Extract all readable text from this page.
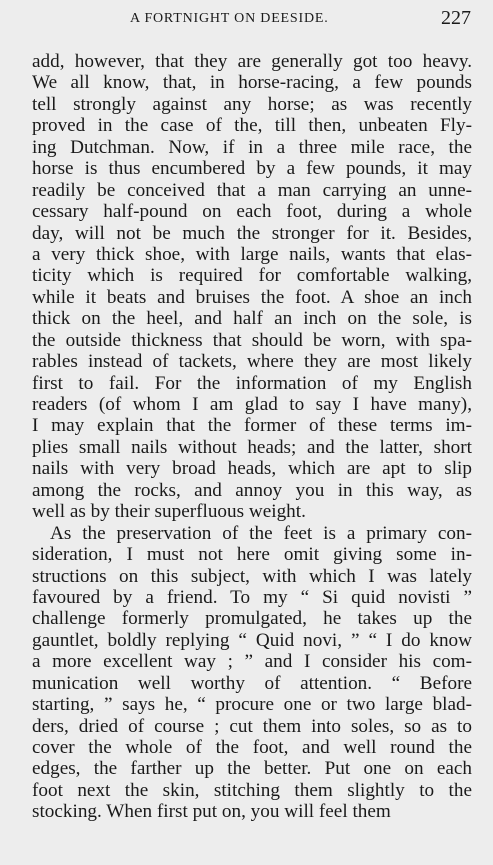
A FORTNIGHT ON DEESIDE.	227
add, however, that they are generally got too heavy.
We all know, that, in horse-racing, a few pounds
tell strongly against any horse; as was recently
proved in the case of the, till then, unbeaten Fly-
ing Dutchman. Now, if in a three mile race, the
horse is thus encumbered by a few pounds, it may
readily be conceived that a man carrying an unne-
cessary half-pound on each foot, during a whole
day, will not be much the stronger for it. Besides,
a very thick shoe, with large nails, wants that elas-
ticity which is required for comfortable walking,
while it beats and bruises the foot. A shoe an inch
thick on the heel, and half an inch on the sole, is
the outside thickness that should be worn, with spa-
rables instead of tackets, where they are most likely
first to fail. For the information of my English
readers (of whom I am glad to say I have many),
I may explain that the former of these terms im-
plies small nails without heads; and the latter, short
nails with very broad heads, which are apt to slip
among the rocks, and annoy you in this way, as
well as by their superfluous weight.
As the preservation of the feet is a primary con-
sideration, I must not here omit giving some in-
structions on this subject, with which I was lately
favoured by a friend. To my “ Si quid novisti ”
challenge formerly promulgated, he takes up the
gauntlet, boldly replying “ Quid novi, ” “ I do know
a more excellent way ; ” and I consider his com-
munication well worthy of attention. “ Before
starting, ” says he, “ procure one or two large blad-
ders, dried of course ; cut them into soles, so as to
cover the whole of the foot, and well round the
edges, the farther up the better. Put one on each
foot next the skin, stitching them slightly to the
stocking. When first put on, you will feel them
